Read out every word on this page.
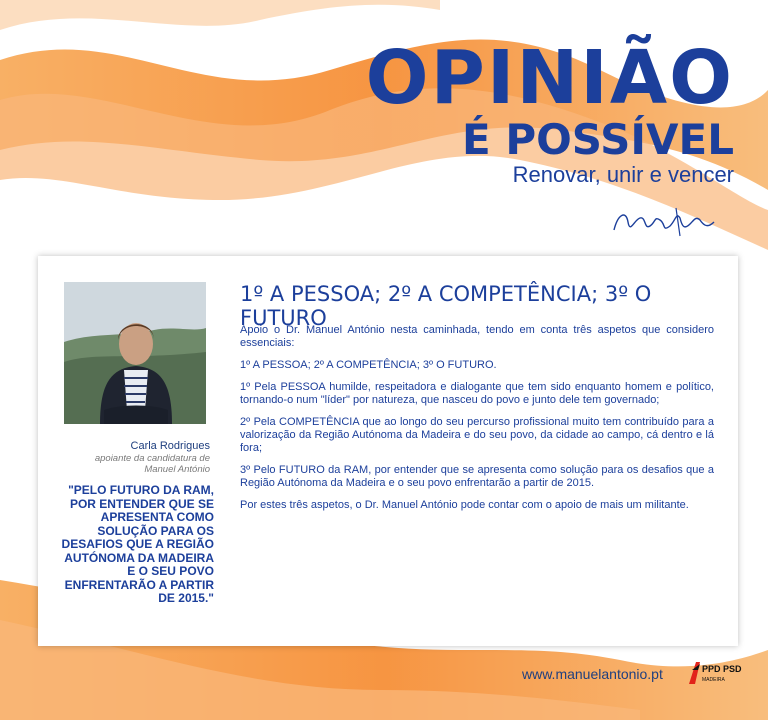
OPINIÃO
É POSSÍVEL
Renovar, unir e vencer
Carla Rodrigues
apoiante da candidatura de Manuel António
"PELO FUTURO DA RAM, POR ENTENDER QUE SE APRESENTA COMO SOLUÇÃO PARA OS DESAFIOS QUE A REGIÃO AUTÓNOMA DA MADEIRA E O SEU POVO ENFRENTARÃO A PARTIR DE 2015."
1º A PESSOA; 2º A COMPETÊNCIA; 3º O FUTURO

Apoio o Dr. Manuel António nesta caminhada, tendo em conta três aspetos que considero essenciais:

1º A PESSOA; 2º A COMPETÊNCIA; 3º O FUTURO.

1º Pela PESSOA humilde, respeitadora e dialogante que tem sido enquanto homem e político, tornando-o num "líder" por natureza, que nasceu do povo e junto dele tem governado;

2º Pela COMPETÊNCIA que ao longo do seu percurso profissional muito tem contribuído para a valorização da Região Autónoma da Madeira e do seu povo, da cidade ao campo, cá dentro e lá fora;

3º Pelo FUTURO da RAM, por entender que se apresenta como solução para os desafios que a Região Autónoma da Madeira e o seu povo enfrentarão a partir de 2015.

Por estes três aspetos, o Dr. Manuel António pode contar com o apoio de mais um militante.

www.manuelantonio.pt	PPD PSD
MADEIRA
